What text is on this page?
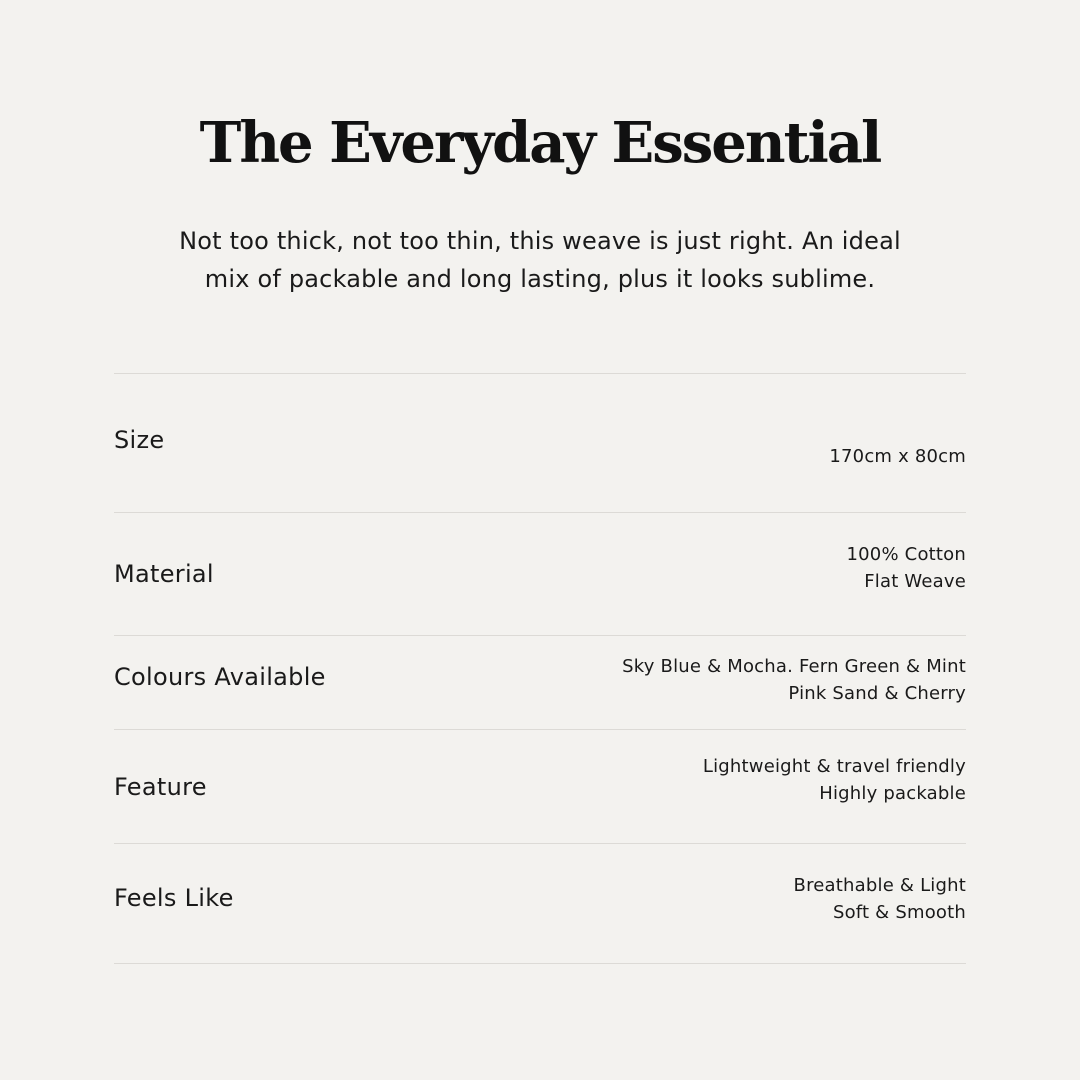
The Everyday Essential

Not too thick, not too thin, this weave is just right. An ideal
mix of packable and long lasting, plus it looks sublime.

Size
170cm x 80cm
Material
100% Cotton
Flat Weave
Colours Available	Sky Blue & Mocha. Fern Green & Mint
Pink Sand & Cherry
Feature
Lightweight & travel friendly
Highly packable
Feels Like	Breathable & Light
Soft & Smooth
